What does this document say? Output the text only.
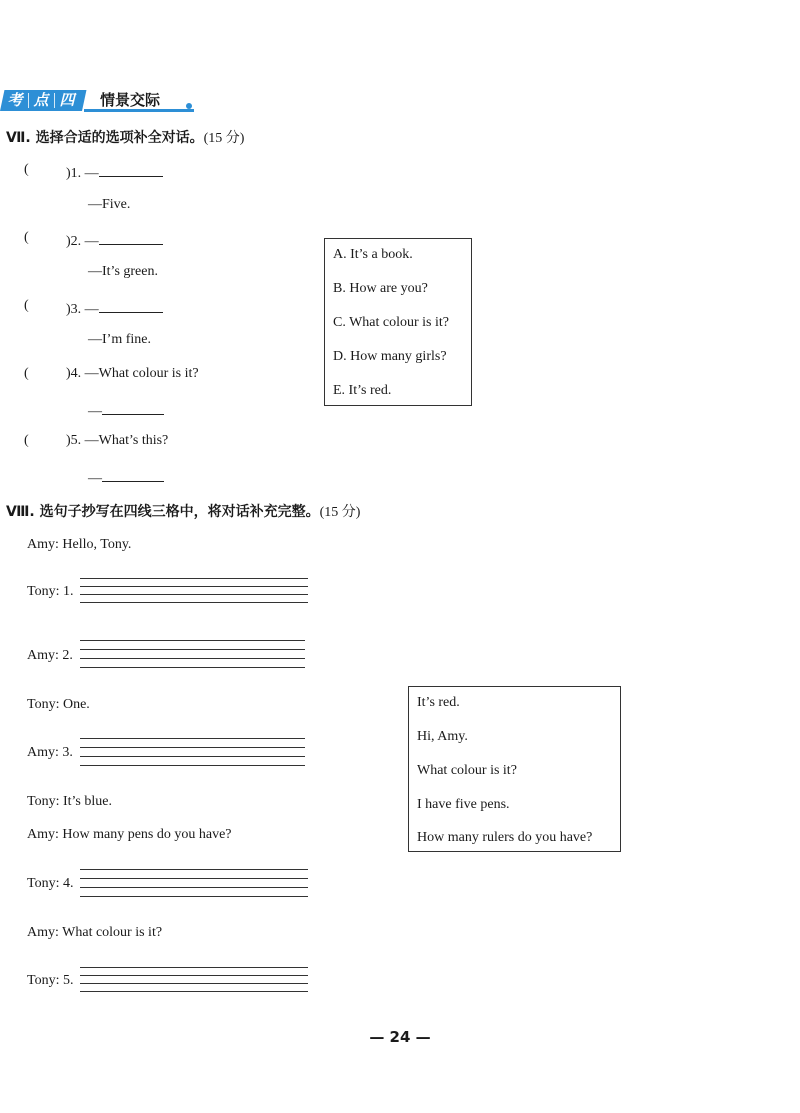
考 点 四 情景交际
Ⅶ. 选择合适的选项补全对话。(15 分)
(	)1. —
—Five.
(	)2. —
—It’s green.
(	)3. —
—I’m fine.
(	)4. —What colour is it?
—
(	)5. —What’s this?
—
A. It’s a book.
B. How are you?
C. What colour is it?
D. How many girls?
E. It’s red.
Ⅷ. 选句子抄写在四线三格中，将对话补充完整。(15 分)
Amy: Hello, Tony.
Tony: 1.
Amy: 2.
Tony: One.
Amy: 3.
Tony: It’s blue.
Amy: How many pens do you have?
Tony: 4.
Amy: What colour is it?
Tony: 5.
It’s red.
Hi, Amy.
What colour is it?
I have five pens.
How many rulers do you have?
— 24 —
